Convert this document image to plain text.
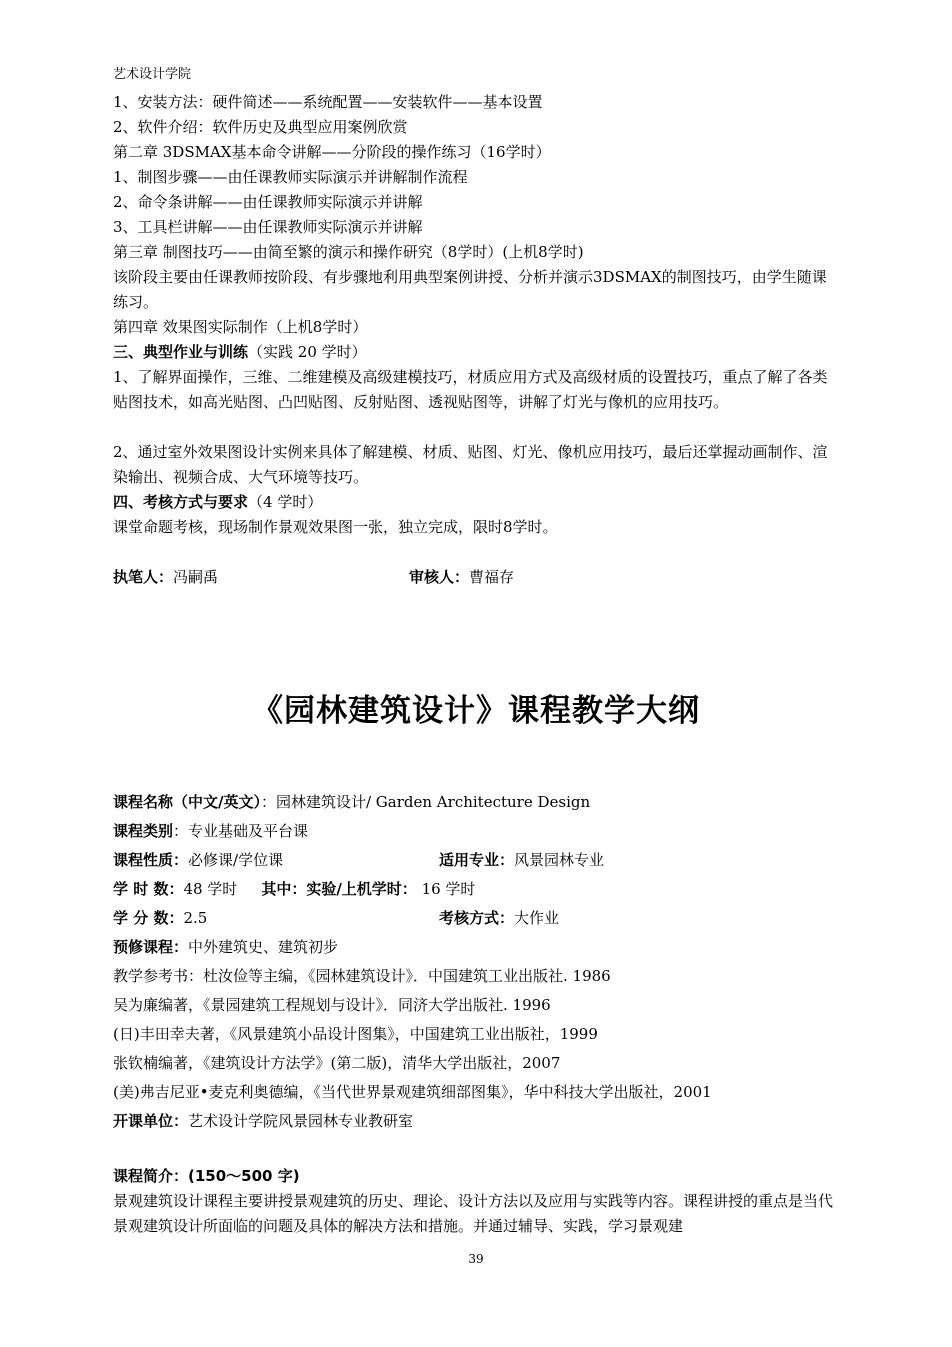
艺术设计学院
1、安装方法：硬件简述——系统配置——安装软件——基本设置
2、软件介绍：软件历史及典型应用案例欣赏
第二章 3DSMAX基本命令讲解——分阶段的操作练习（16学时）
1、制图步骤——由任课教师实际演示并讲解制作流程
2、命令条讲解——由任课教师实际演示并讲解
3、工具栏讲解——由任课教师实际演示并讲解
第三章 制图技巧——由简至繁的演示和操作研究（8学时）(上机8学时)
该阶段主要由任课教师按阶段、有步骤地利用典型案例讲授、分析并演示3DSMAX的制图技巧，由学生随课练习。
第四章 效果图实际制作（上机8学时）
三、典型作业与训练（实践 20 学时）
1、了解界面操作，三维、二维建模及高级建模技巧，材质应用方式及高级材质的设置技巧，重点了解了各类贴图技术，如高光贴图、凸凹贴图、反射贴图、透视贴图等，讲解了灯光与像机的应用技巧。
2、通过室外效果图设计实例来具体了解建模、材质、贴图、灯光、像机应用技巧，最后还掌握动画制作、渲染输出、视频合成、大气环境等技巧。
四、考核方式与要求（4 学时）
课堂命题考核，现场制作景观效果图一张，独立完成，限时8学时。
执笔人：冯嗣禹	审核人：曹福存
《园林建筑设计》课程教学大纲
课程名称（中文/英文）：园林建筑设计/ Garden Architecture Design
课程类别：专业基础及平台课
课程性质：必修课/学位课	适用专业：风景园林专业
学 时 数：48 学时 其中：实验/上机学时： 16 学时
学 分 数：2.5	考核方式：大作业
预修课程：中外建筑史、建筑初步
教学参考书：杜汝俭等主编，《园林建筑设计》．中国建筑工业出版社. 1986
吴为廉编著，《景园建筑工程规划与设计》．同济大学出版社. 1996
(日)丰田幸夫著，《风景建筑小品设计图集》，中国建筑工业出版社，1999
张钦楠编著，《建筑设计方法学》(第二版)，清华大学出版社，2007
(美)弗吉尼亚•麦克利奥德编，《当代世界景观建筑细部图集》，华中科技大学出版社，2001
开课单位：艺术设计学院风景园林专业教研室
课程简介：(150～500 字)
景观建筑设计课程主要讲授景观建筑的历史、理论、设计方法以及应用与实践等内容。课程讲授的重点是当代景观建筑设计所面临的问题及具体的解决方法和措施。并通过辅导、实践，学习景观建
39
